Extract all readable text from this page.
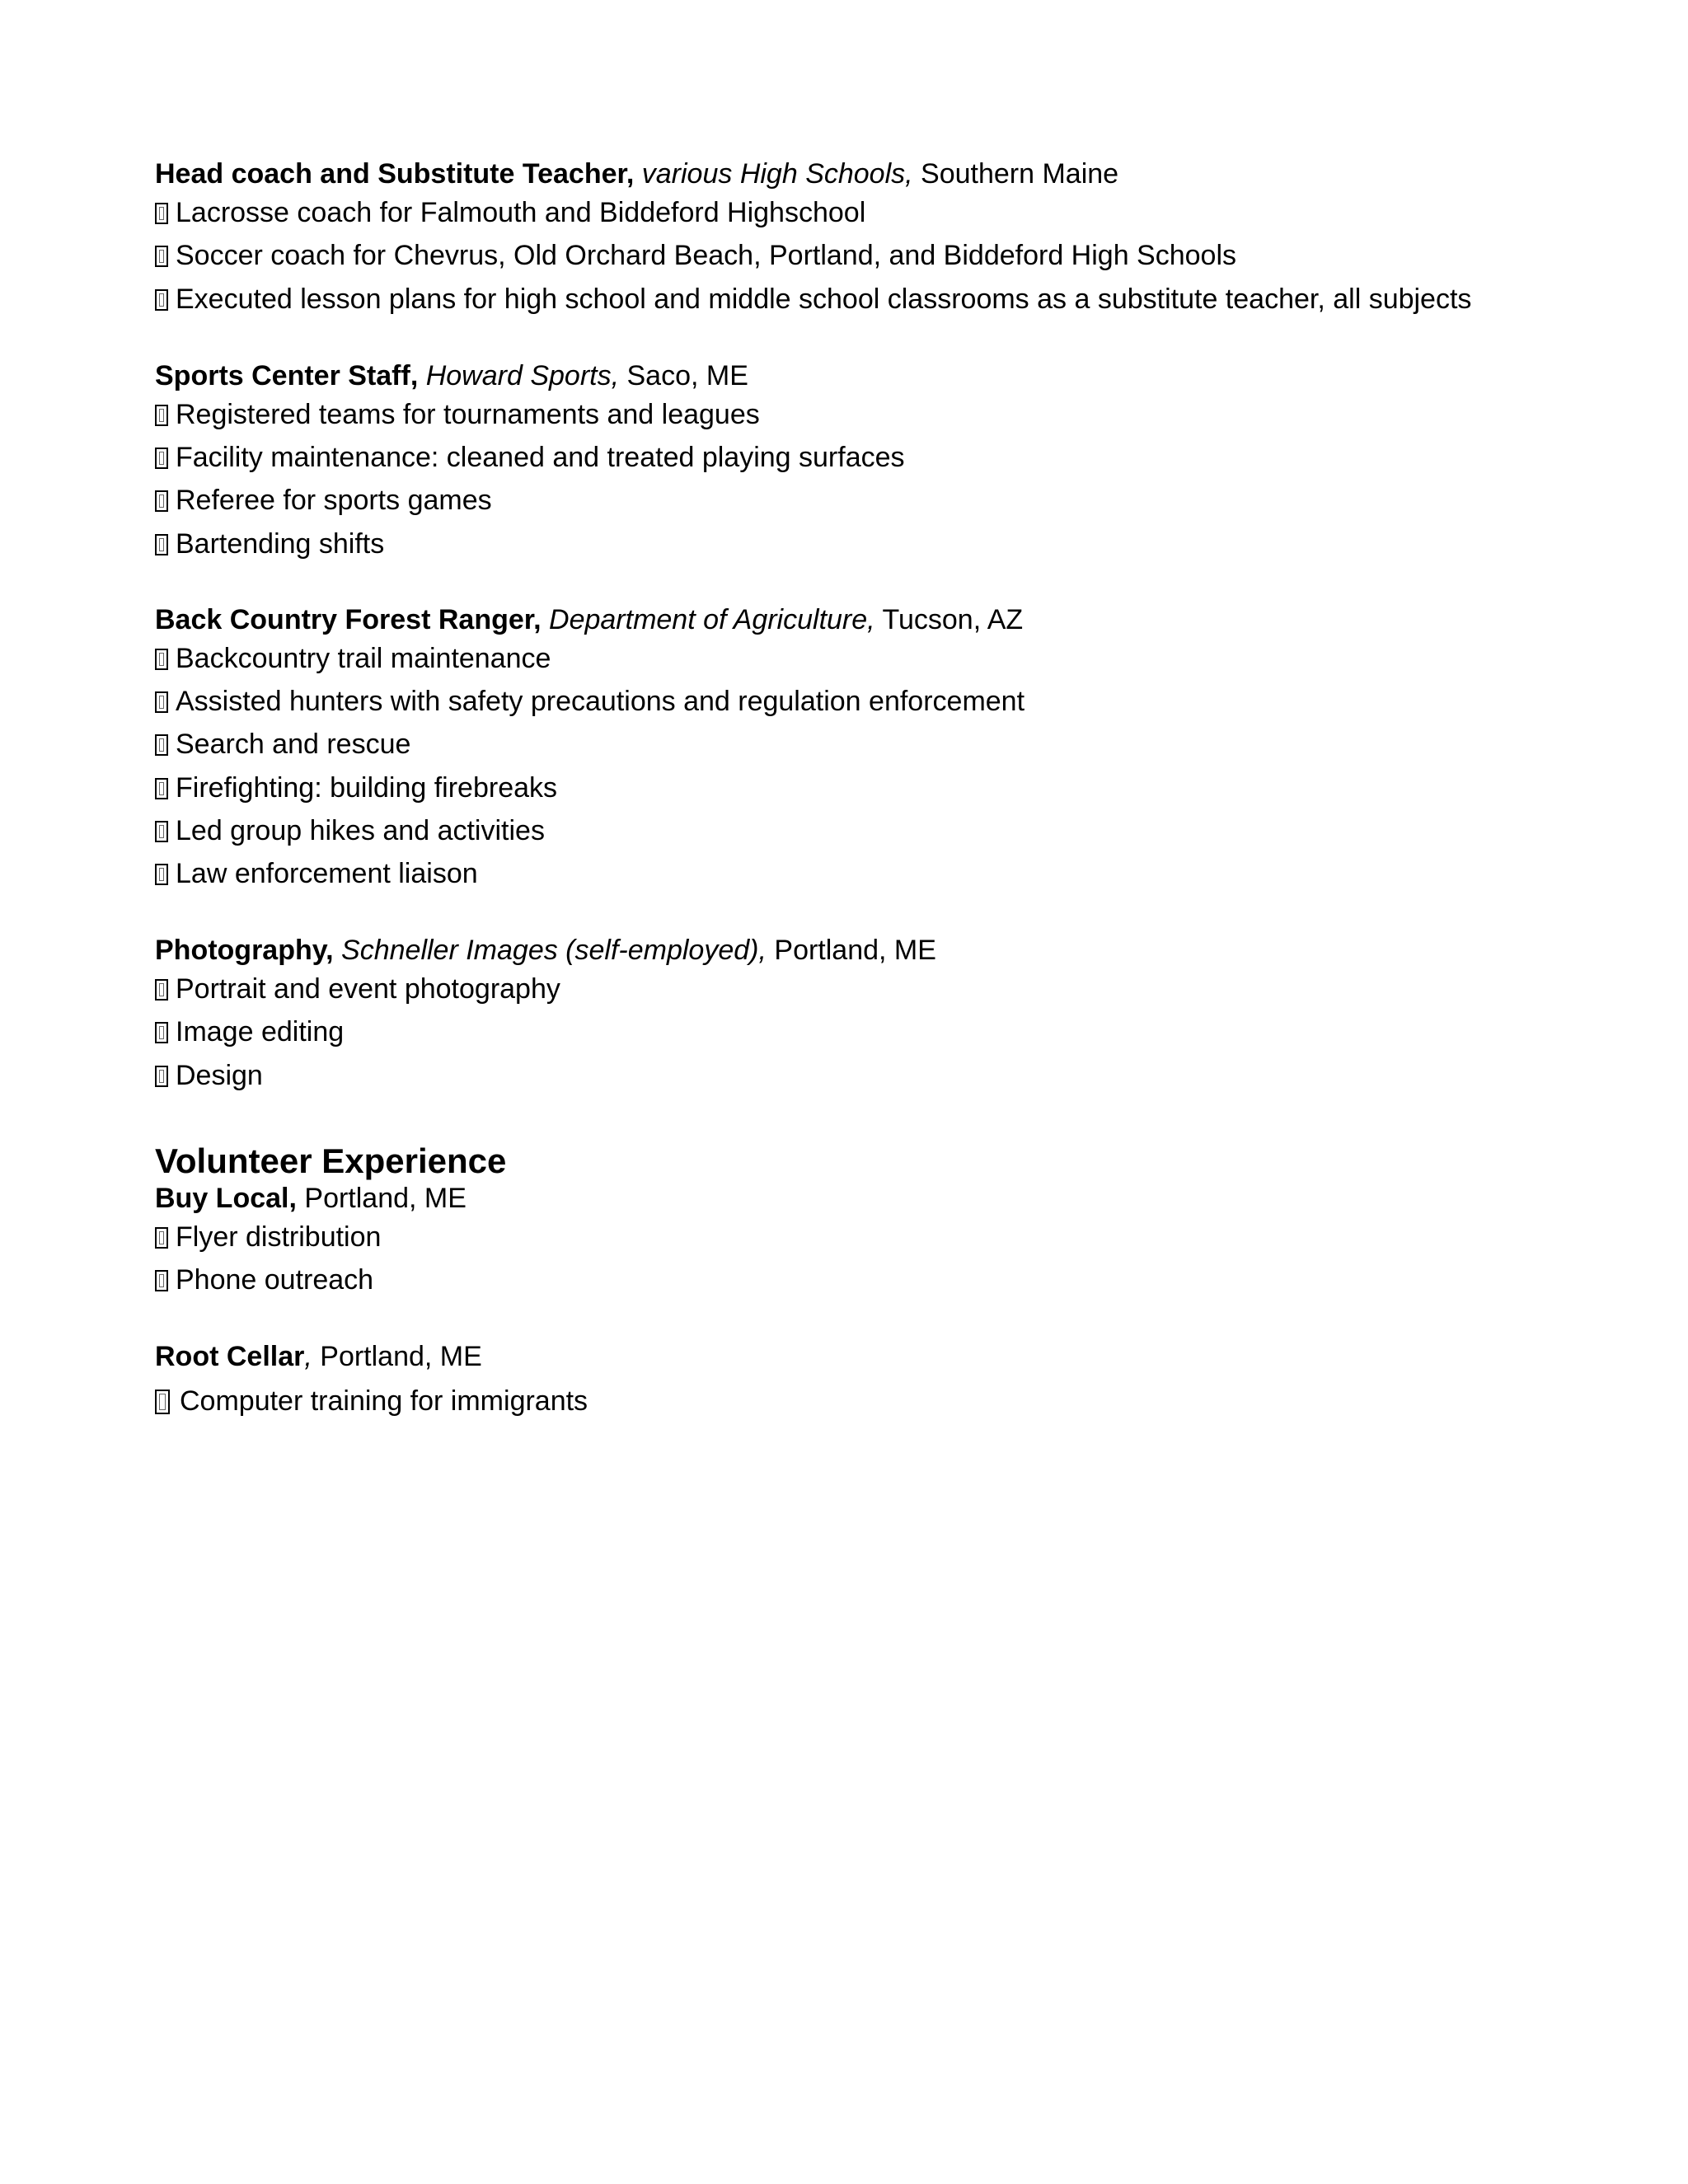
Head coach and Substitute Teacher, various High Schools, Southern Maine
Lacrosse coach for Falmouth and Biddeford Highschool
Soccer coach for Chevrus, Old Orchard Beach, Portland, and Biddeford High Schools
Executed lesson plans for high school and middle school classrooms as a substitute teacher, all subjects
Sports Center Staff, Howard Sports, Saco, ME
Registered teams for tournaments and leagues
Facility maintenance: cleaned and treated playing surfaces
Referee for sports games
Bartending shifts
Back Country Forest Ranger, Department of Agriculture, Tucson, AZ
Backcountry trail maintenance
Assisted hunters with safety precautions and regulation enforcement
Search and rescue
Firefighting: building firebreaks
Led group hikes and activities
Law enforcement liaison
Photography, Schneller Images (self-employed), Portland, ME
Portrait and event photography
Image editing
Design
Volunteer Experience
Buy Local, Portland, ME
Flyer distribution
Phone outreach
Root Cellar, Portland, ME
Computer training for immigrants
